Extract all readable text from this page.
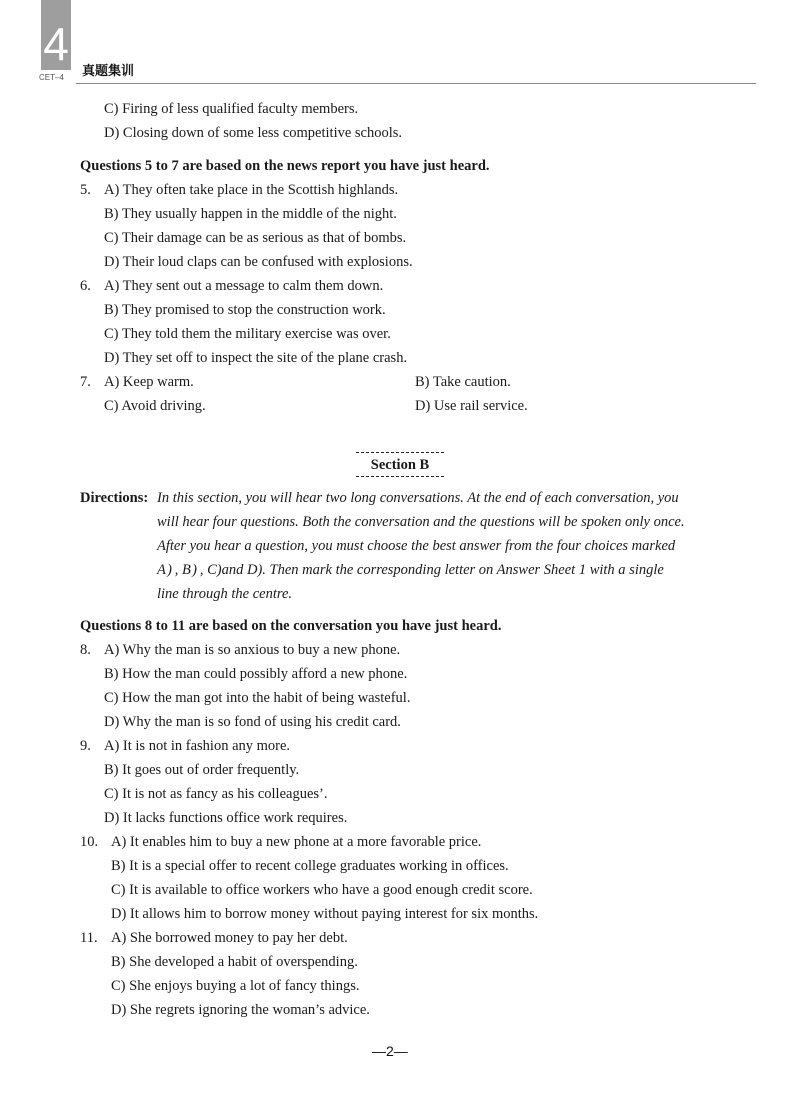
4
CET–4 真题集训
C) Firing of less qualified faculty members.
D) Closing down of some less competitive schools.
Questions 5 to 7 are based on the news report you have just heard.
5. A) They often take place in the Scottish highlands.
B) They usually happen in the middle of the night.
C) Their damage can be as serious as that of bombs.
D) Their loud claps can be confused with explosions.
6. A) They sent out a message to calm them down.
B) They promised to stop the construction work.
C) They told them the military exercise was over.
D) They set off to inspect the site of the plane crash.
7. A) Keep warm.	B) Take caution.
C) Avoid driving.	D) Use rail service.
Section B
Directions: In this section, you will hear two long conversations. At the end of each conversation, you
will hear four questions. Both the conversation and the questions will be spoken only once.
After you hear a question, you must choose the best answer from the four choices marked
A ) , B ) , C)and D). Then mark the corresponding letter on Answer Sheet 1 with a single
line through the centre.
Questions 8 to 11 are based on the conversation you have just heard.
8. A) Why the man is so anxious to buy a new phone.
B) How the man could possibly afford a new phone.
C) How the man got into the habit of being wasteful.
D) Why the man is so fond of using his credit card.
9. A) It is not in fashion any more.
B) It goes out of order frequently.
C) It is not as fancy as his colleagues’.
D) It lacks functions office work requires.
10. A) It enables him to buy a new phone at a more favorable price.
B) It is a special offer to recent college graduates working in offices.
C) It is available to office workers who have a good enough credit score.
D) It allows him to borrow money without paying interest for six months.
11. A) She borrowed money to pay her debt.
B) She developed a habit of overspending.
C) She enjoys buying a lot of fancy things.
D) She regrets ignoring the woman’s advice.
—2—
